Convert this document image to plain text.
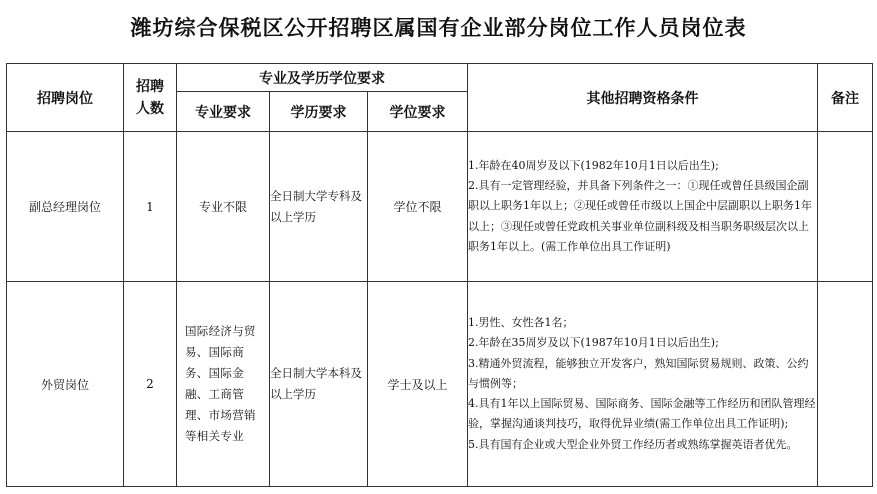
潍坊综合保税区公开招聘区属国有企业部分岗位工作人员岗位表
招聘岗位	招聘人数	专业及学历学位要求			其他招聘资格条件	备注
		专业要求	学历要求	学位要求		
副总经理岗位	1	专业不限	全日制大学专科及以上学历	学位不限	1.年龄在40周岁及以下(1982年10月1日以后出生);
2.具有一定管理经验，并具备下列条件之一：①现任或曾任县级国企副职以上职务1年以上；②现任或曾任市级以上国企中层副职以上职务1年以上；③现任或曾任党政机关事业单位副科级及相当职务职级层次以上职务1年以上。(需工作单位出具工作证明)	

外贸岗位	2	国际经济与贸易、国际商务、国际金融、工商管理、市场营销等相关专业	全日制大学本科及以上学历	学士及以上	1.男性、女性各1名；
2.年龄在35周岁及以下(1987年10月1日以后出生);
3.精通外贸流程，能够独立开发客户，熟知国际贸易规则、政策、公约与惯例等；
4.具有1年以上国际贸易、国际商务、国际金融等工作经历和团队管理经验，掌握沟通谈判技巧，取得优异业绩(需工作单位出具工作证明);
5.具有国有企业或大型企业外贸工作经历者或熟练掌握英语者优先。	
